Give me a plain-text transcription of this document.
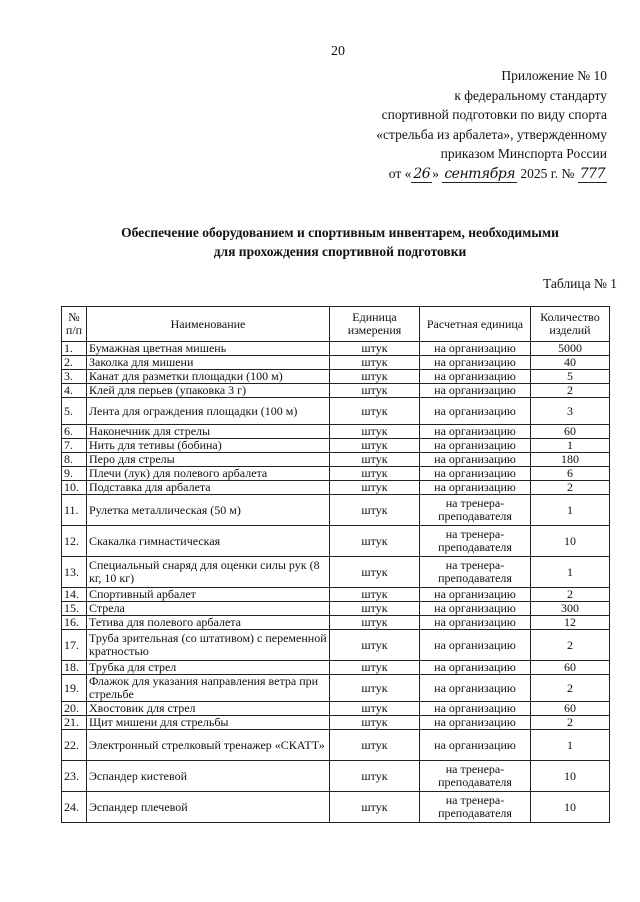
20
Приложение № 10
к федеральному стандарту
спортивной подготовки по виду спорта
«стрельба из арбалета», утвержденному
приказом Минспорта России
от « 26 » сентября 2025 г. № 777
Обеспечение оборудованием и спортивным инвентарем, необходимыми
для прохождения спортивной подготовки
Таблица № 1
№ п/п	Наименование	Единица измерения	Расчетная единица	Количество изделий
1.	Бумажная цветная мишень	штук	на организацию	5000
2.	Заколка для мишени	штук	на организацию	40
3.	Канат для разметки площадки (100 м)	штук	на организацию	5
4.	Клей для перьев (упаковка 3 г)	штук	на организацию	2
5.	Лента для ограждения площадки (100 м)	штук	на организацию	3
6.	Наконечник для стрелы	штук	на организацию	60
7.	Нить для тетивы (бобина)	штук	на организацию	1
8.	Перо для стрелы	штук	на организацию	180
9.	Плечи (лук) для полевого арбалета	штук	на организацию	6
10.	Подставка для арбалета	штук	на организацию	2
11.	Рулетка металлическая (50 м)	штук	на тренера-преподавателя	1
12.	Скакалка гимнастическая	штук	на тренера-преподавателя	10
13.	Специальный снаряд для оценки силы рук (8 кг, 10 кг)	штук	на тренера-преподавателя	1
14.	Спортивный арбалет	штук	на организацию	2
15.	Стрела	штук	на организацию	300
16.	Тетива для полевого арбалета	штук	на организацию	12
17.	Труба зрительная (со штативом) с переменной кратностью	штук	на организацию	2
18.	Трубка для стрел	штук	на организацию	60
19.	Флажок для указания направления ветра при стрельбе	штук	на организацию	2
20.	Хвостовик для стрел	штук	на организацию	60
21.	Щит мишени для стрельбы	штук	на организацию	2
22.	Электронный стрелковый тренажер «СКАТТ»	штук	на организацию	1
23.	Эспандер кистевой	штук	на тренера-преподавателя	10
24.	Эспандер плечевой	штук	на тренера-преподавателя	10
